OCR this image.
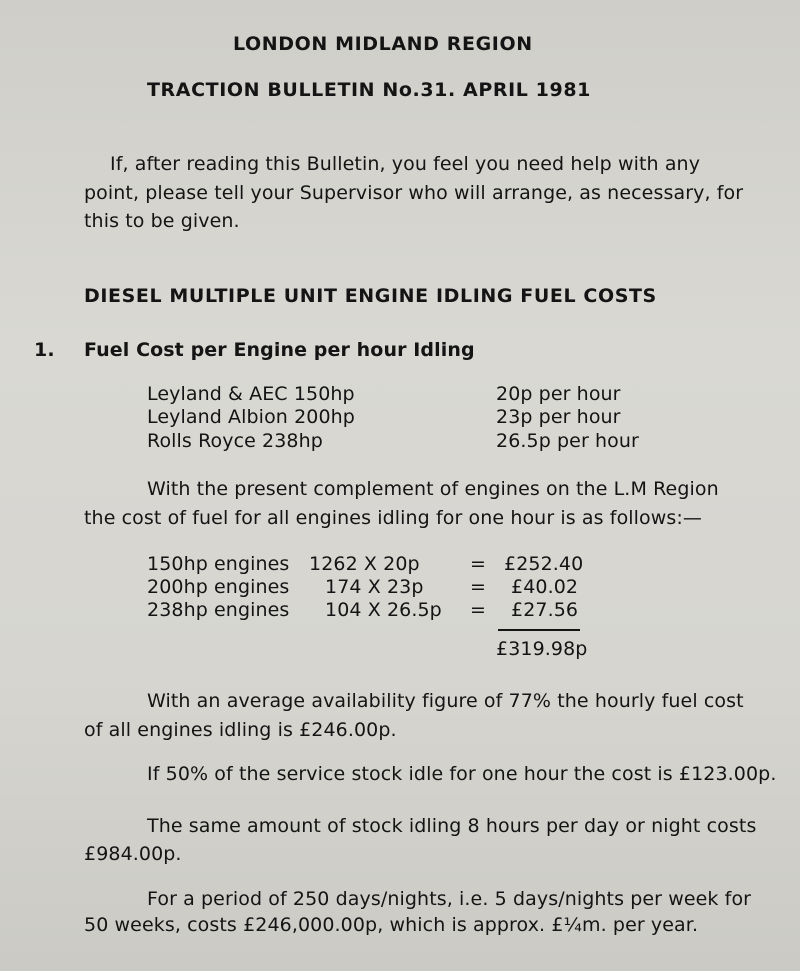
LONDON MIDLAND REGION
TRACTION BULLETIN No.31. APRIL 1981
If, after reading this Bulletin, you feel you need help with any
point, please tell your Supervisor who will arrange, as necessary, for
this to be given.
DIESEL MULTIPLE UNIT ENGINE IDLING FUEL COSTS
1. Fuel Cost per Engine per hour Idling
Leyland & AEC 150hp	20p per hour
Leyland Albion 200hp	23p per hour
Rolls Royce 238hp	26.5p per hour
With the present complement of engines on the L.M Region
the cost of fuel for all engines idling for one hour is as follows:—
150hp engines 1262 X 20p	= £252.40
200hp engines 174 X 23p = £40.02
238hp engines 104 X 26.5p = £27.56
£319.98p
With an average availability figure of 77% the hourly fuel cost
of all engines idling is £246.00p.
If 50% of the service stock idle for one hour the cost is £123.00p.
The same amount of stock idling 8 hours per day or night costs
£984.00p.
For a period of 250 days/nights, i.e. 5 days/nights per week for
50 weeks, costs £246,000.00p, which is approx. £¼m. per year.
